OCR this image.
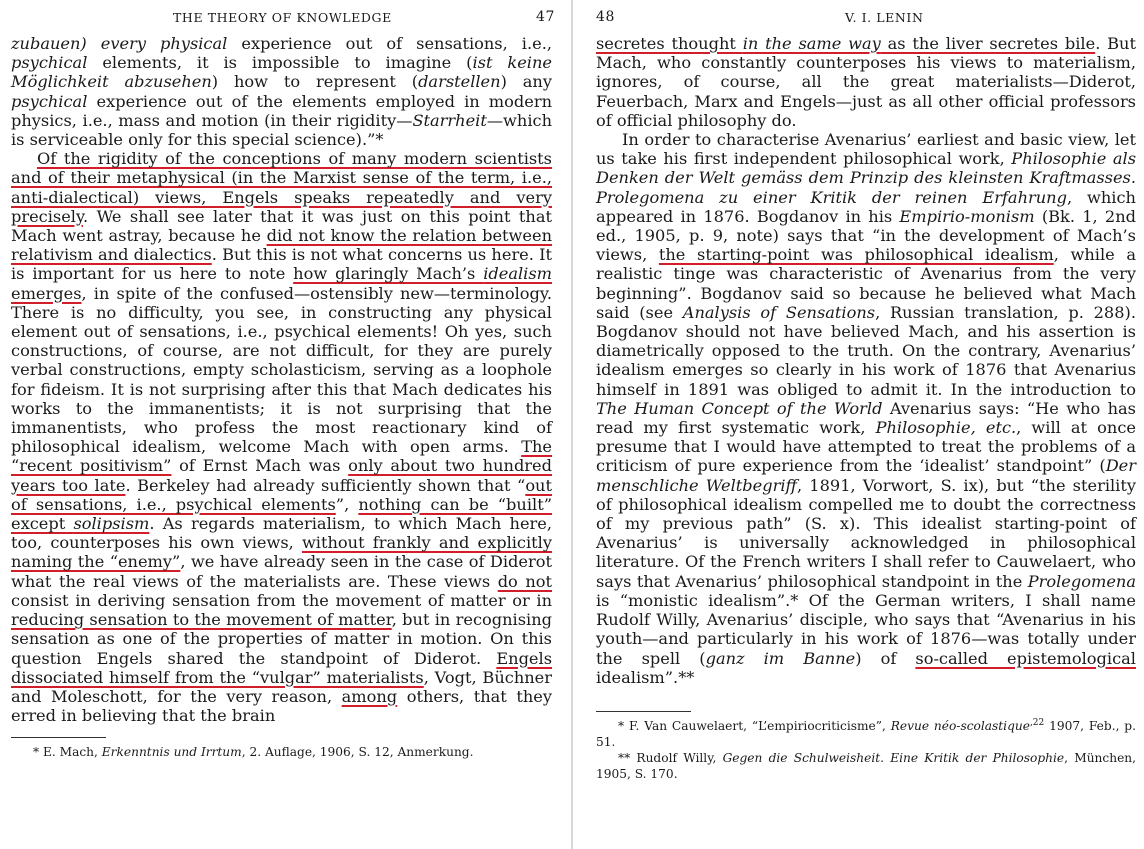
THE THEORY OF KNOWLEDGE	47

zubauen) every physical experience out of sensations, i.e., psychical elements, it is impossible to imagine (ist keine Möglichkeit abzusehen) how to represent (darstellen) any psychical experience out of the elements employed in modern physics, i.e., mass and motion (in their rigidity—Starrheit—which is serviceable only for this special science).”*

Of the rigidity of the conceptions of many modern scientists and of their metaphysical (in the Marxist sense of the term, i.e., anti-dialectical) views, Engels speaks repeatedly and very precisely. We shall see later that it was just on this point that Mach went astray, because he did not know the relation between relativism and dialectics. But this is not what concerns us here. It is important for us here to note how glaringly Mach’s idealism emerges, in spite of the confused—ostensibly new—terminology. There is no difficulty, you see, in constructing any physical element out of sensations, i.e., psychical elements! Oh yes, such constructions, of course, are not difficult, for they are purely verbal constructions, empty scholasticism, serving as a loophole for fideism. It is not surprising after this that Mach dedicates his works to the immanentists; it is not surprising that the immanentists, who profess the most reactionary kind of philosophical idealism, welcome Mach with open arms. The “recent positivism” of Ernst Mach was only about two hundred years too late. Berkeley had already sufficiently shown that “out of sensations, i.e., psychical elements”, nothing can be “built” except solipsism. As regards materialism, to which Mach here, too, counterposes his own views, without frankly and explicitly naming the “enemy”, we have already seen in the case of Diderot what the real views of the materialists are. These views do not consist in deriving sensation from the movement of matter or in reducing sensation to the movement of matter, but in recognising sensation as one of the properties of matter in motion. On this question Engels shared the standpoint of Diderot. Engels dissociated himself from the “vulgar” materialists, Vogt, Büchner and Moleschott, for the very reason, among others, that they erred in believing that the brain

* E. Mach, Erkenntnis und Irrtum, 2. Auflage, 1906, S. 12, Anmerkung.

48	V. I. LENIN

secretes thought in the same way as the liver secretes bile. But Mach, who constantly counterposes his views to materialism, ignores, of course, all the great materialists—Diderot, Feuerbach, Marx and Engels—just as all other official professors of official philosophy do.

In order to characterise Avenarius’ earliest and basic view, let us take his first independent philosophical work, Philosophie als Denken der Welt gemäss dem Prinzip des kleinsten Kraftmasses. Prolegomena zu einer Kritik der reinen Erfahrung, which appeared in 1876. Bogdanov in his Empirio-monism (Bk. 1, 2nd ed., 1905, p. 9, note) says that “in the development of Mach’s views, the starting-point was philosophical idealism, while a realistic tinge was characteristic of Avenarius from the very beginning”. Bogdanov said so because he believed what Mach said (see Analysis of Sensations, Russian translation, p. 288). Bogdanov should not have believed Mach, and his assertion is diametrically opposed to the truth. On the contrary, Avenarius’ idealism emerges so clearly in his work of 1876 that Avenarius himself in 1891 was obliged to admit it. In the introduction to The Human Concept of the World Avenarius says: “He who has read my first systematic work, Philosophie, etc., will at once presume that I would have attempted to treat the problems of a criticism of pure experience from the ‘idealist’ standpoint” (Der menschliche Weltbegriff, 1891, Vorwort, S. ix), but “the sterility of philosophical idealism compelled me to doubt the correctness of my previous path” (S. x). This idealist starting-point of Avenarius’ is universally acknowledged in philosophical literature. Of the French writers I shall refer to Cauwelaert, who says that Avenarius’ philosophical standpoint in the Prolegomena is “monistic idealism”.* Of the German writers, I shall name Rudolf Willy, Avenarius’ disciple, who says that “Avenarius in his youth—and particularly in his work of 1876—was totally under the spell (ganz im Banne) of so-called epistemological idealism”.**

* F. Van Cauwelaert, “L’empiriocriticisme”, Revue néo-scolastique$^{,22}$ 1907, Feb., p. 51.

** Rudolf Willy, Gegen die Schulweisheit. Eine Kritik der Philosophie, München, 1905, S. 170.
